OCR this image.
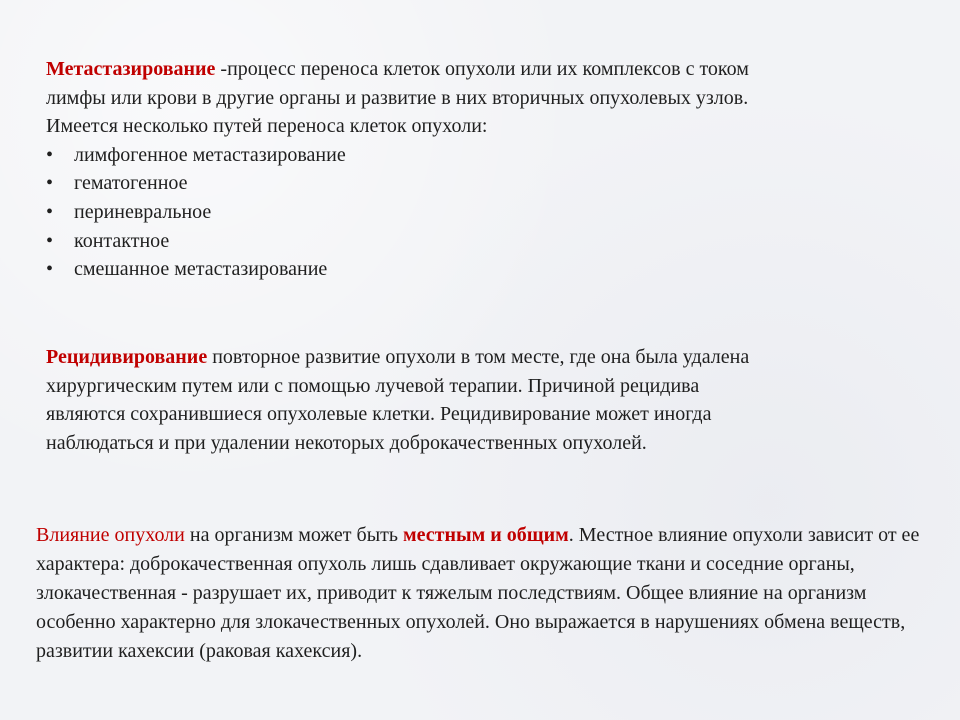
Метастазирование -процесс переноса клеток опухоли или их комплексов с током лимфы или крови в другие органы и развитие в них вторичных опухолевых узлов. Имеется несколько путей переноса клеток опухоли:
• лимфогенное метастазирование
• гематогенное
• периневральное
• контактное
• смешанное метастазирование
Рецидивирование повторное развитие опухоли в том месте, где она была удалена хирургическим путем или с помощью лучевой терапии. Причиной рецидива являются сохранившиеся опухолевые клетки. Рецидивирование может иногда наблюдаться и при удалении некоторых доброкачественных опухолей.
Влияние опухоли на организм может быть местным и общим. Местное влияние опухоли зависит от ее характера: доброкачественная опухоль лишь сдавливает окружающие ткани и соседние органы, злокачественная - разрушает их, приводит к тяжелым последствиям. Общее влияние на организм особенно характерно для злокачественных опухолей. Оно выражается в нарушениях обмена веществ, развитии кахексии (раковая кахексия).
